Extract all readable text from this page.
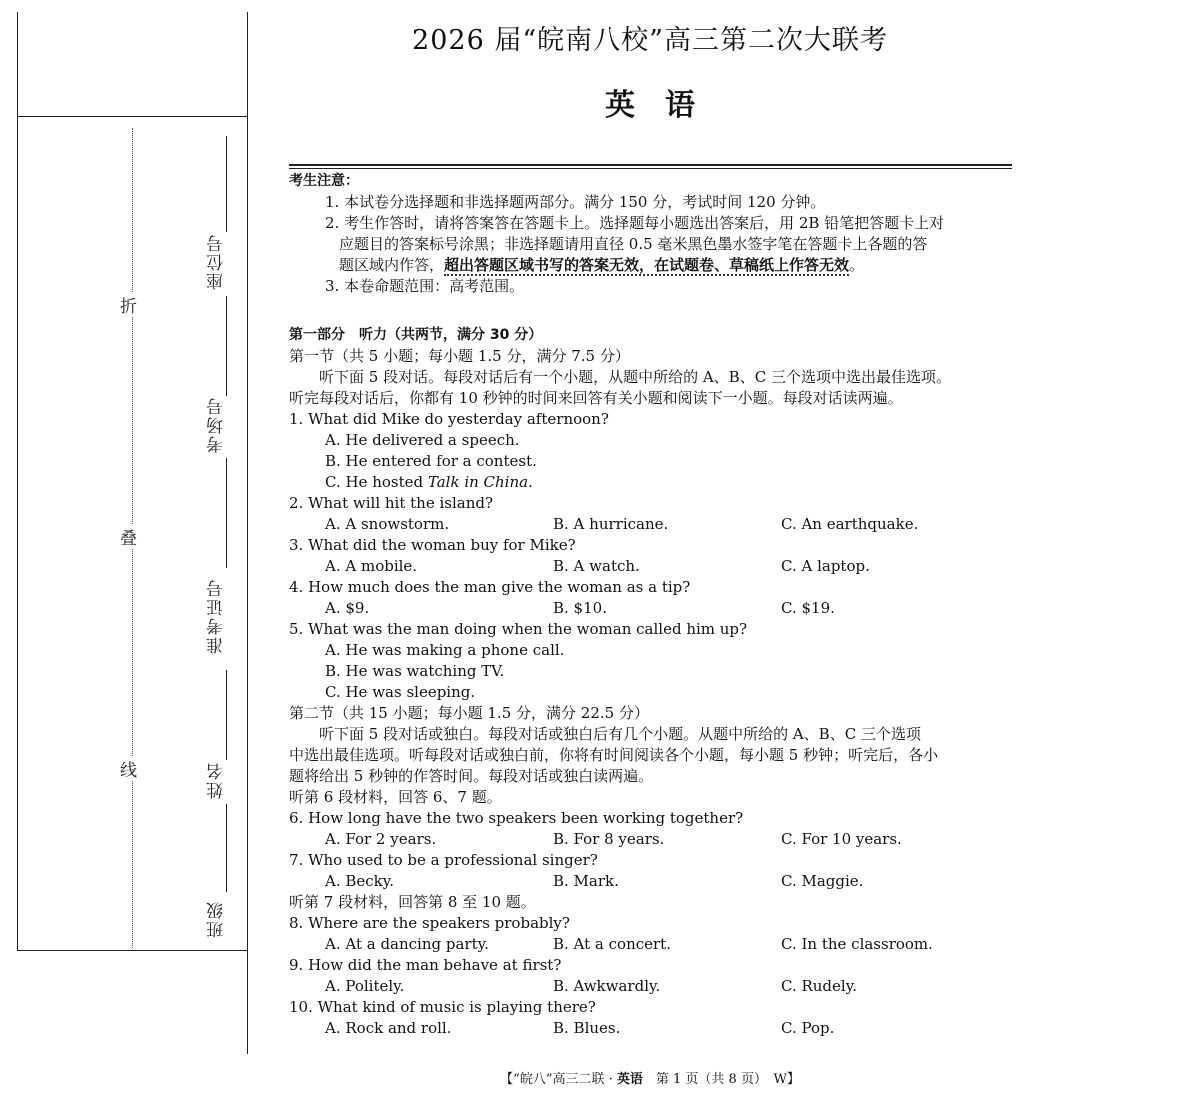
折
叠
线
座位号
考场号
准考证号
姓名
班级
2026 届“皖南八校”高三第二次大联考
英　语
考生注意：
1. 本试卷分选择题和非选择题两部分。满分 150 分，考试时间 120 分钟。
2. 考生作答时，请将答案答在答题卡上。选择题每小题选出答案后，用 2B 铅笔把答题卡上对
应题目的答案标号涂黑；非选择题请用直径 0.5 毫米黑色墨水签字笔在答题卡上各题的答
题区域内作答，超出答题区域书写的答案无效，在试题卷、草稿纸上作答无效。
3. 本卷命题范围：高考范围。
第一部分　听力（共两节，满分 30 分）
第一节（共 5 小题；每小题 1.5 分，满分 7.5 分）
听下面 5 段对话。每段对话后有一个小题，从题中所给的 A、B、C 三个选项中选出最佳选项。
听完每段对话后，你都有 10 秒钟的时间来回答有关小题和阅读下一小题。每段对话读两遍。
1. What did Mike do yesterday afternoon?
A. He delivered a speech.
B. He entered for a contest.
C. He hosted Talk in China.
2. What will hit the island?
A. A snowstorm.	B. A hurricane.	C. An earthquake.
3. What did the woman buy for Mike?
A. A mobile.	B. A watch.	C. A laptop.
4. How much does the man give the woman as a tip?
A. $9.	B. $10.	C. $19.
5. What was the man doing when the woman called him up?
A. He was making a phone call.
B. He was watching TV.
C. He was sleeping.
第二节（共 15 小题；每小题 1.5 分，满分 22.5 分）
听下面 5 段对话或独白。每段对话或独白后有几个小题。从题中所给的 A、B、C 三个选项
中选出最佳选项。听每段对话或独白前，你将有时间阅读各个小题，每小题 5 秒钟；听完后，各小
题将给出 5 秒钟的作答时间。每段对话或独白读两遍。
听第 6 段材料，回答 6、7 题。
6. How long have the two speakers been working together?
A. For 2 years.	B. For 8 years.	C. For 10 years.
7. Who used to be a professional singer?
A. Becky.	B. Mark.	C. Maggie.
听第 7 段材料，回答第 8 至 10 题。
8. Where are the speakers probably?
A. At a dancing party.	B. At a concert.	C. In the classroom.
9. How did the man behave at first?
A. Politely.	B. Awkwardly.	C. Rudely.
10. What kind of music is playing there?
A. Rock and roll.	B. Blues.	C. Pop.
【“皖八”高三二联 · 英语　第 1 页（共 8 页）　W】
